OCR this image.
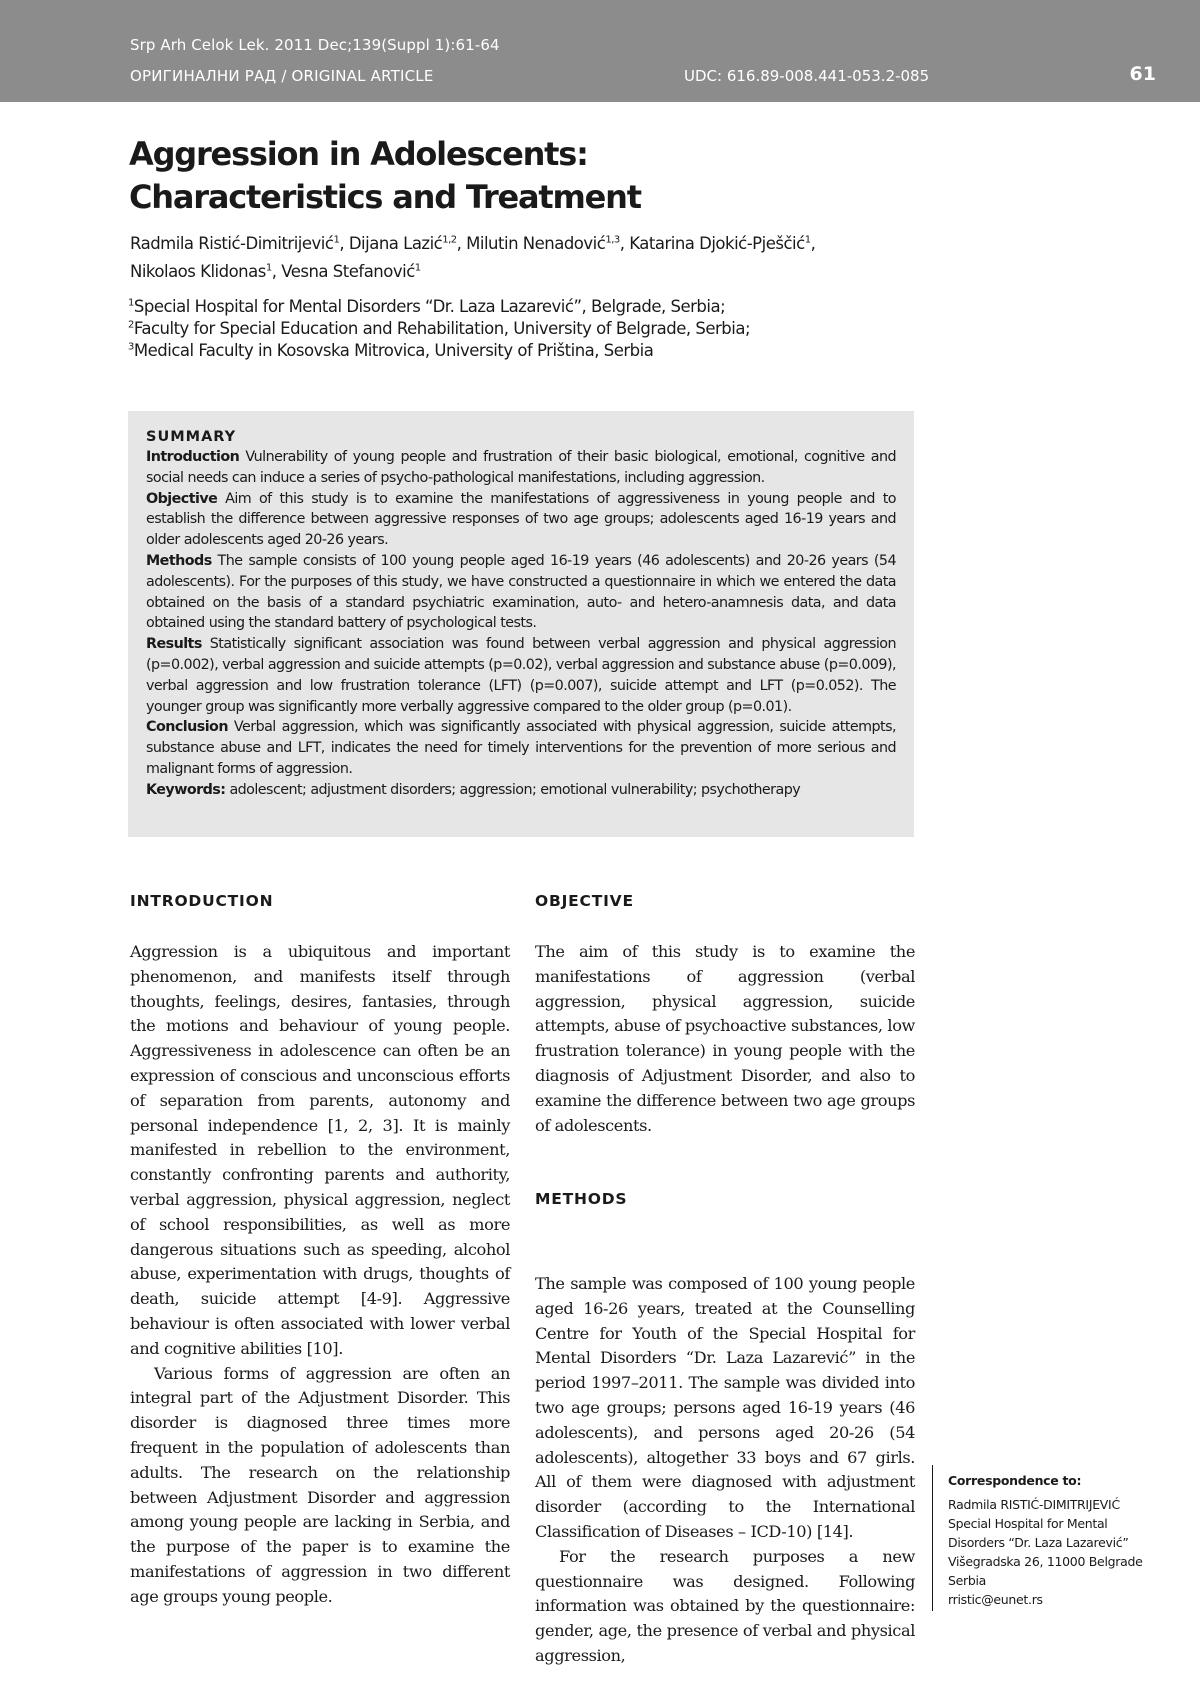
Srp Arh Celok Lek. 2011 Dec;139(Suppl 1):61-64
ОРИГИНАЛНИ РАД / ORIGINAL ARTICLE	UDC: 616.89-008.441-053.2-085	61
Aggression in Adolescents: Characteristics and Treatment
Radmila Ristić-Dimitrijević$^1$, Dijana Lazić$^{1,2}$, Milutin Nenadović$^{1,3}$, Katarina Djokić-Pješčić$^1$,
Nikolaos Klidonas$^1$, Vesna Stefanović$^1$
$^1$Special Hospital for Mental Disorders “Dr. Laza Lazarević”, Belgrade, Serbia;
$^2$Faculty for Special Education and Rehabilitation, University of Belgrade, Serbia;
$^3$Medical Faculty in Kosovska Mitrovica, University of Priština, Serbia
SUMMARY

Introduction Vulnerability of young people and frustration of their basic biological, emotional, cognitive and social needs can induce a series of psycho-pathological manifestations, including aggression.

Objective Aim of this study is to examine the manifestations of aggressiveness in young people and to establish the difference between aggressive responses of two age groups; adolescents aged 16-19 years and older adolescents aged 20-26 years.

Methods The sample consists of 100 young people aged 16-19 years (46 adolescents) and 20-26 years (54 adolescents). For the purposes of this study, we have constructed a questionnaire in which we entered the data obtained on the basis of a standard psychiatric examination, auto- and hetero-anamnesis data, and data obtained using the standard battery of psychological tests.

Results Statistically significant association was found between verbal aggression and physical aggression (p=0.002), verbal aggression and suicide attempts (p=0.02), verbal aggression and substance abuse (p=0.009), verbal aggression and low frustration tolerance (LFT) (p=0.007), suicide attempt and LFT (p=0.052). The younger group was significantly more verbally aggressive compared to the older group (p=0.01).

Conclusion Verbal aggression, which was significantly associated with physical aggression, suicide attempts, substance abuse and LFT, indicates the need for timely interventions for the prevention of more serious and malignant forms of aggression.

Keywords: adolescent; adjustment disorders; aggression; emotional vulnerability; psychotherapy

INTRODUCTION	OBJECTIVE
METHODS

Aggression is a ubiquitous and important phenomenon, and manifests itself through thoughts, feelings, desires, fantasies, through the motions and behaviour of young people. Aggressiveness in adolescence can often be an expression of conscious and unconscious efforts of separation from parents, autonomy and personal independence [1, 2, 3]. It is mainly manifested in rebellion to the environment, constantly confronting parents and authority, verbal aggression, physical aggression, neglect of school responsibilities, as well as more dangerous situations such as speeding, alcohol abuse, experimentation with drugs, thoughts of death, suicide attempt [4-9]. Aggressive behaviour is often associated with lower verbal and cognitive abilities [10].

Various forms of aggression are often an integral part of the Adjustment Disorder. This disorder is diagnosed three times more frequent in the population of adolescents than adults. The research on the relationship between Adjustment Disorder and aggression among young people are lacking in Serbia, and the purpose of the paper is to examine the manifestations of aggression in two different age groups young people.

The aim of this study is to examine the manifestations of aggression (verbal aggression, physical aggression, suicide attempts, abuse of psychoactive substances, low frustration tolerance) in young people with the diagnosis of Adjustment Disorder, and also to examine the difference between two age groups of adolescents.

The sample was composed of 100 young people aged 16-26 years, treated at the Counselling Centre for Youth of the Special Hospital for Mental Disorders “Dr. Laza Lazarević” in the period 1997–2011. The sample was divided into two age groups; persons aged 16-19 years (46 adolescents), and persons aged 20-26 (54 adolescents), altogether 33 boys and 67 girls. All of them were diagnosed with adjustment disorder (according to the International Classification of Diseases – ICD-10) [14].

For the research purposes a new questionnaire was designed. Following information was obtained by the questionnaire: gender, age, the presence of verbal and physical aggression,

Correspondence to:
Radmila RISTIĆ-DIMITRIJEVIĆ
Special Hospital for Mental
Disorders “Dr. Laza Lazarević”
Višegradska 26, 11000 Belgrade
Serbia
rristic@eunet.rs
